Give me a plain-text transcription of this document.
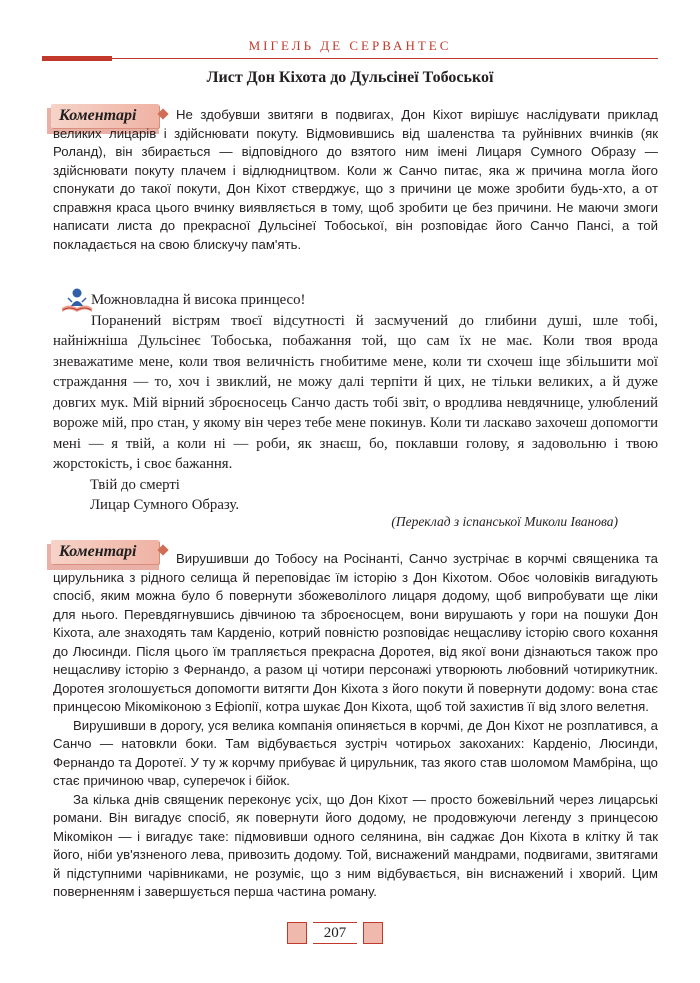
МІГЕЛЬ ДЕ СЕРВАНТЕС
Лист Дон Кіхота до Дульсінеї Тобоської
Коментарі	Не здобувши звитяги в подвигах, Дон Кіхот вирішує наслідувати приклад великих лицарів і здійснювати покуту. Відмовившись від шаленства та руйнівних вчинків (як Роланд), він збирається — відповідного до взятого ним імені Лицаря Сумного Образу — здійснювати покуту плачем і відлюдництвом. Коли ж Санчо питає, яка ж причина могла його спонукати до такої покути, Дон Кіхот стверджує, що з причини це може зробити будь-хто, а от справжня краса цього вчинку виявляється в тому, щоб зробити це без причини. Не маючи змоги написати листа до прекрасної Дульсінеї Тобоської, він розповідає його Санчо Пансі, а той покладається на свою блискучу пам'ять.

Можновладна й висока принцесо!

Поранений вістрям твоєї відсутності й засмучений до глибини душі, шле тобі, найніжніша Дульсінеє Тобоська, побажання той, що сам їх не має. Коли твоя врода зневажатиме мене, коли твоя величність гнобитиме мене, коли ти схочеш іще збільшити мої страждання — то, хоч і звиклий, не можу далі терпіти й цих, не тільки великих, а й дуже довгих мук. Мій вірний зброєносець Санчо дасть тобі звіт, о вродлива невдячнице, улюблений вороже мій, про стан, у якому він через тебе мене покинув. Коли ти ласкаво захочеш допомогти мені — я твій, а коли ні — роби, як знаєш, бо, поклавши голову, я задовольню і твою жорстокість, і своє бажання.

Твій до смерті

Лицар Сумного Образу.

(Переклад з іспанської Миколи Іванова)
Коментарі	Вирушивши до Тобосу на Росінанті, Санчо зустрічає в корчмі священика та цирульника з рідного селища й переповідає їм історію з Дон Кіхотом. Обоє чоловіків вигадують спосіб, яким можна було б повернути збожеволілого лицаря додому, щоб випробувати ще ліки для нього. Перевдягнувшись дівчиною та зброєносцем, вони вирушають у гори на пошуки Дон Кіхота, але знаходять там Карденіо, котрий повністю розповідає нещасливу історію свого кохання до Люсинди. Після цього їм трапляється прекрасна Доротея, від якої вони дізнаються також про нещасливу історію з Фернандо, а разом ці чотири персонажі утворюють любовний чотирикутник. Доротея зголошується допомогти витягти Дон Кіхота з його покути й повернути додому: вона стає принцесою Мікоміконою з Ефіопії, котра шукає Дон Кіхота, щоб той захистив її від злого велетня.

Вирушивши в дорогу, уся велика компанія опиняється в корчмі, де Дон Кіхот не розплатився, а Санчо — натовкли боки. Там відбувається зустріч чотирьох закоханих: Карденіо, Люсинди, Фернандо та Доротеї. У ту ж корчму прибуває й цирульник, таз якого став шоломом Мамбріна, що стає причиною чвар, суперечок і бійок.

За кілька днів священик переконує усіх, що Дон Кіхот — просто божевільний через лицарські романи. Він вигадує спосіб, як повернути його додому, не продовжуючи легенду з принцесою Мікомікон — і вигадує таке: підмовивши одного селянина, він саджає Дон Кіхота в клітку й так його, ніби ув'язненого лева, привозить додому. Той, виснажений мандрами, подвигами, звитягами й підступними чарівниками, не розуміє, що з ним відбувається, він виснажений і хворий. Цим поверненням і завершується перша частина роману.

207
